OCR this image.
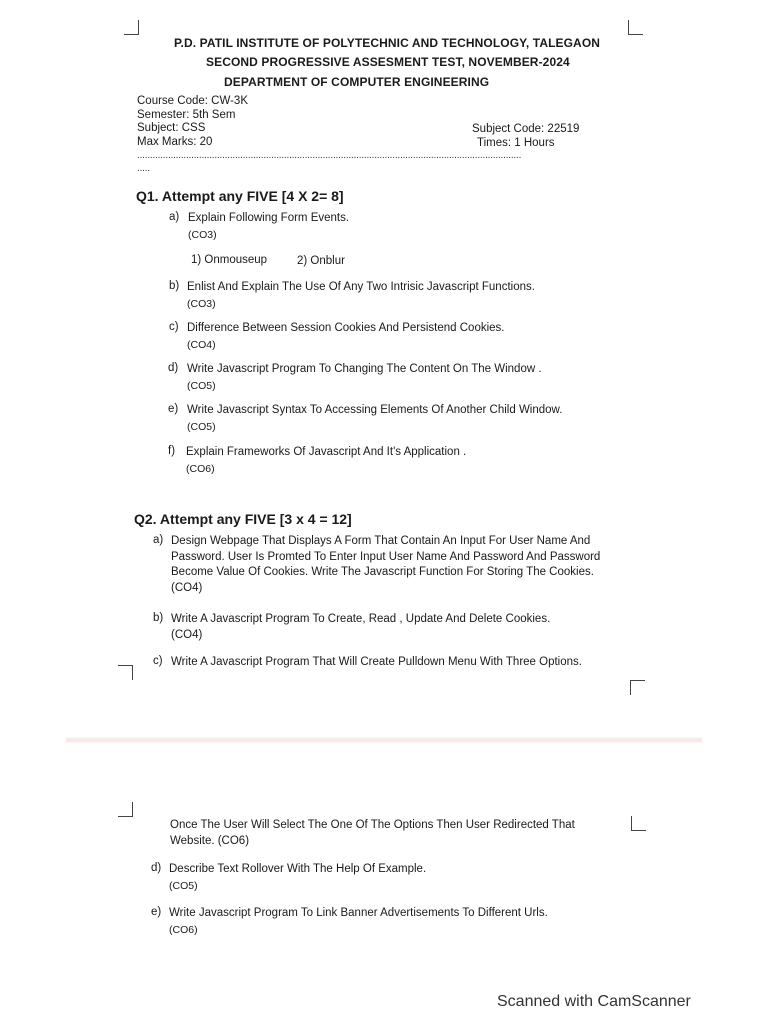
P.D. PATIL INSTITUTE OF POLYTECHNIC AND TECHNOLOGY, TALEGAON
SECOND PROGRESSIVE ASSESMENT TEST, NOVEMBER-2024
DEPARTMENT OF COMPUTER ENGINEERING
Course Code: CW-3K
Semester: 5th Sem
Subject: CSS
Max Marks: 20
Subject Code: 22519
Times: 1 Hours
.....................................................................................................................................................
.....
Q1. Attempt any FIVE [4 X 2= 8]
a) Explain Following Form Events.
(CO3)
1) Onmouseup	2) Onblur
b) Enlist And Explain The Use Of Any Two Intrisic Javascript Functions.
(CO3)
c) Difference Between Session Cookies And Persistend Cookies.
(CO4)
d) Write Javascript Program To Changing The Content On The Window .
(CO5)
e) Write Javascript Syntax To Accessing Elements Of Another Child Window.
(CO5)
f) Explain Frameworks Of Javascript And It's Application .
(CO6)
Q2. Attempt any FIVE [3 x 4 = 12]
a) Design Webpage That Displays A Form That Contain An Input For User Name And Password. User Is Promted To Enter Input User Name And Password And Password Become Value Of Cookies. Write The Javascript Function For Storing The Cookies. (CO4)
b) Write A Javascript Program To Create, Read , Update And Delete Cookies.
(CO4)
c) Write A Javascript Program That Will Create Pulldown Menu With Three Options.
Once The User Will Select The One Of The Options Then User Redirected That Website. (CO6)
d) Describe Text Rollover With The Help Of Example.
(CO5)
e) Write Javascript Program To Link Banner Advertisements To Different Urls.
(CO6)
Scanned with CamScanner
